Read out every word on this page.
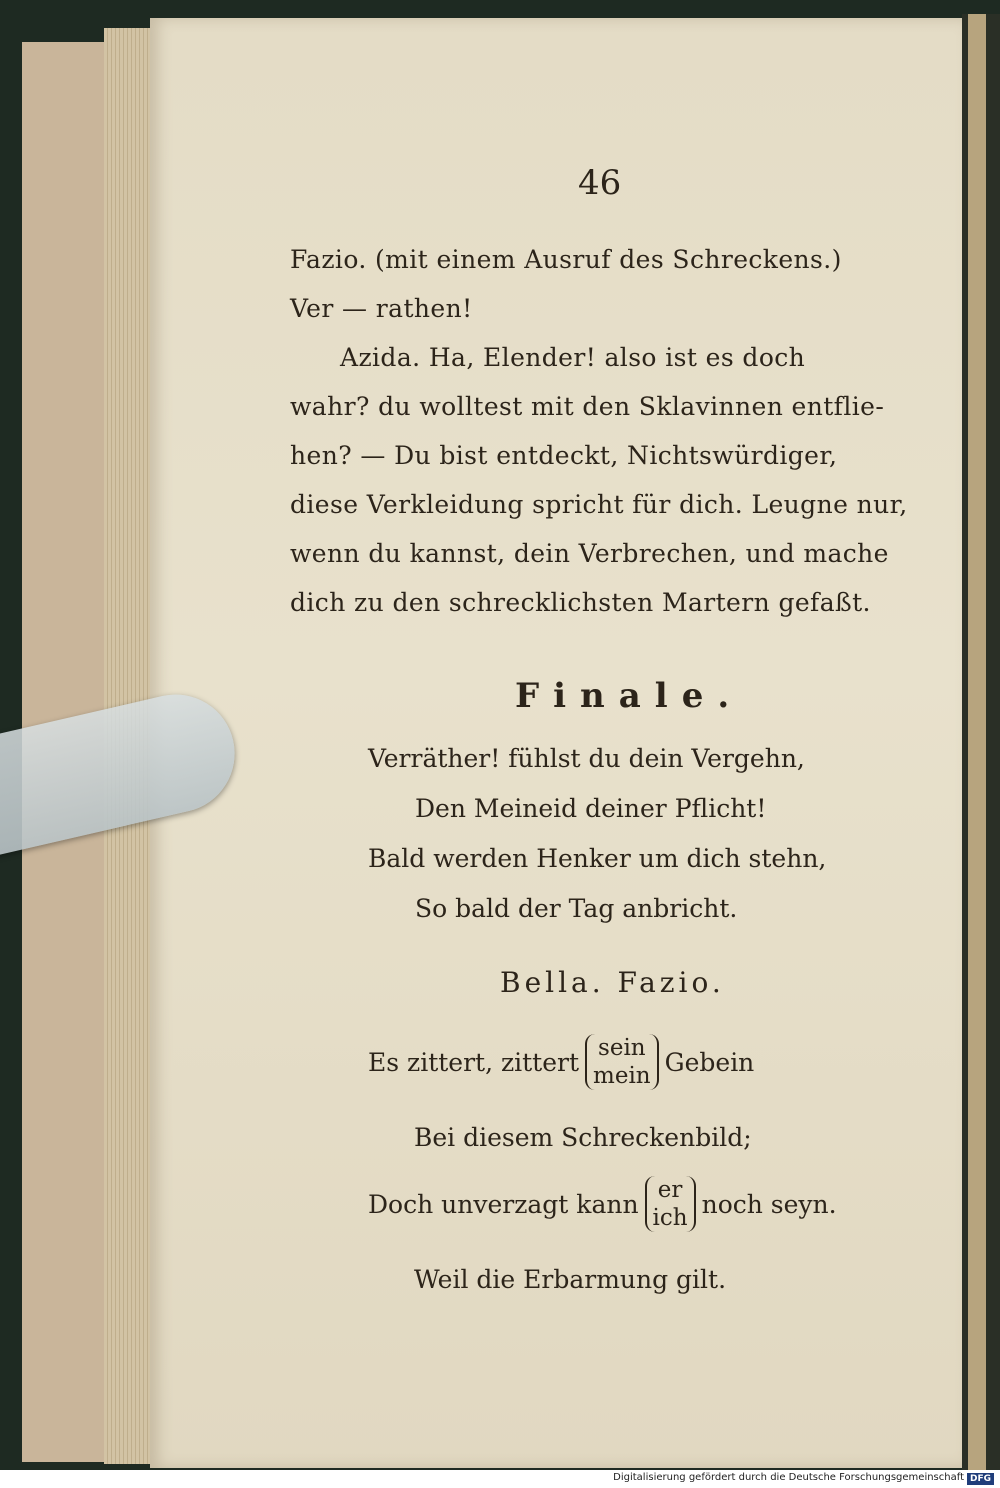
46
Fazio. (mit einem Ausruf des Schreckens.)
Ver — rathen!
Azida. Ha, Elender! also ist es doch
wahr? du wolltest mit den Sklavinnen entflie-
hen? — Du bist entdeckt, Nichtswürdiger,
diese Verkleidung spricht für dich. Leugne nur,
wenn du kannst, dein Verbrechen, und mache
dich zu den schrecklichsten Martern gefaßt.
Finale.
Verräther! fühlst du dein Vergehn,
Den Meineid deiner Pflicht!
Bald werden Henker um dich stehn,
So bald der Tag anbricht.
Bella. Fazio.
Es zittert, zittert sein
mein Gebein
Bei diesem Schreckenbild;
Doch unverzagt kann er
ich noch seyn.
Weil die Erbarmung gilt.
Digitalisierung gefördert durch die Deutsche Forschungsgemeinschaft DFG
